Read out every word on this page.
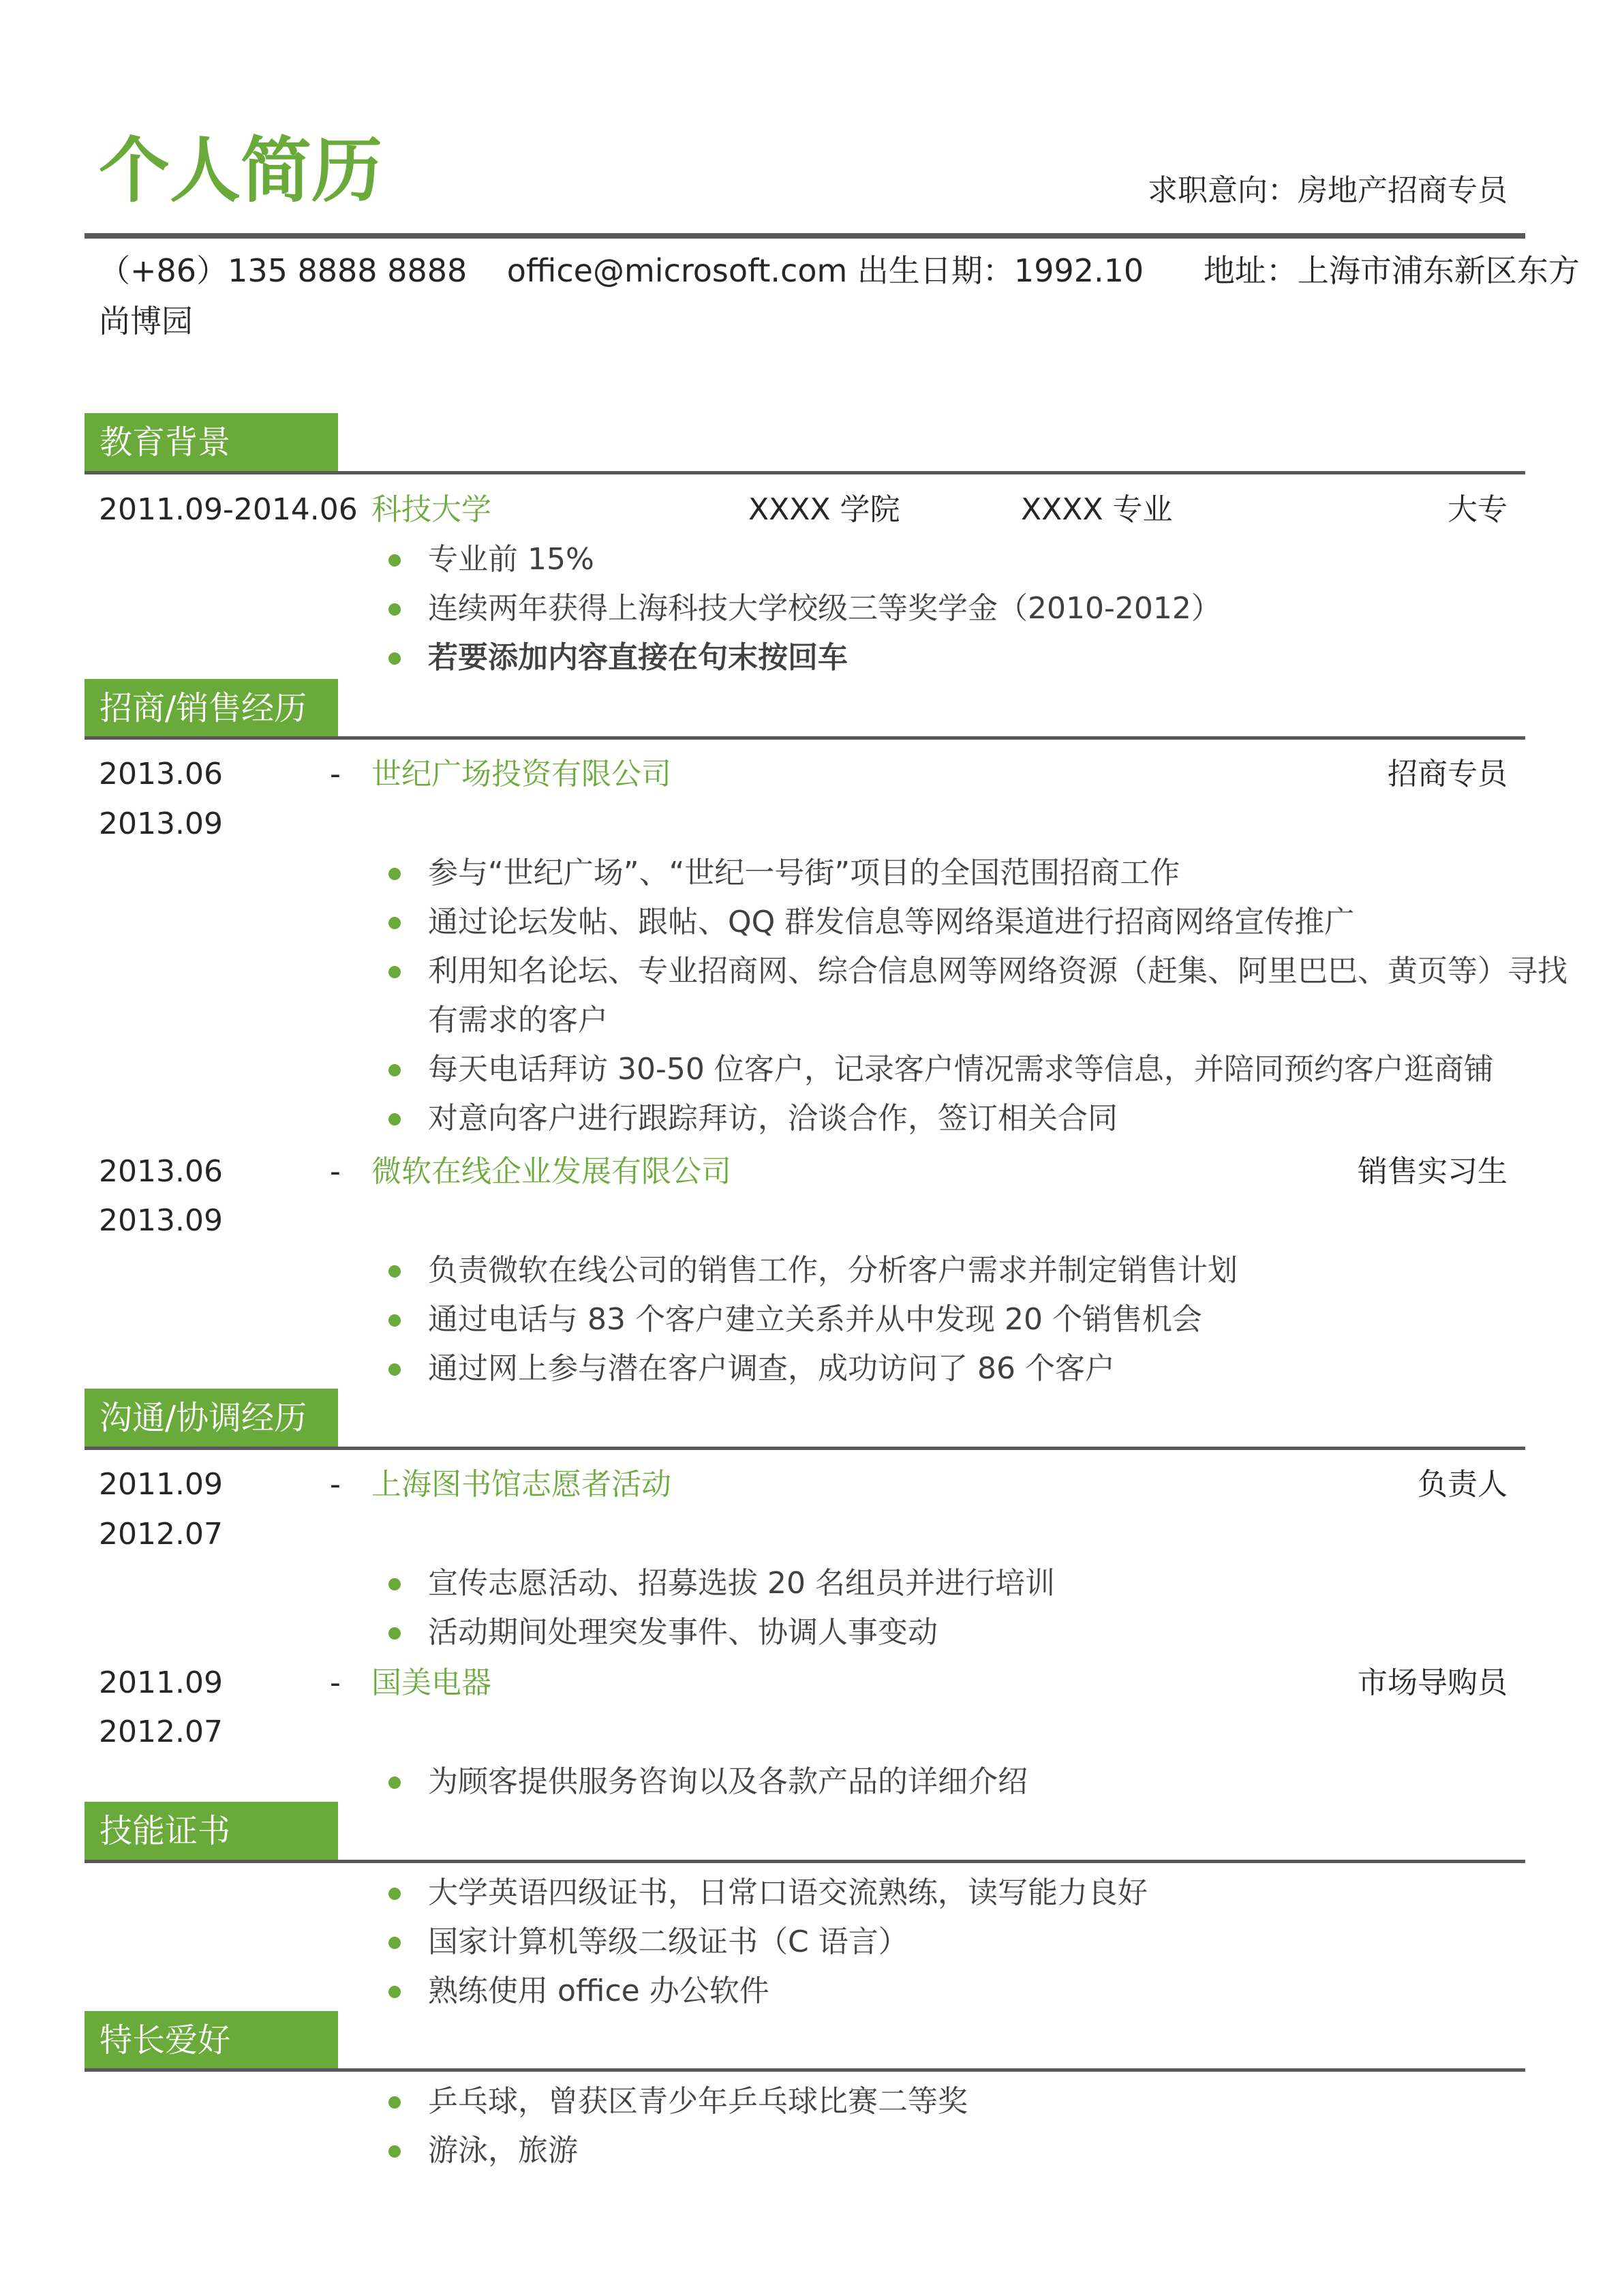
个人简历	求职意向：房地产招商专员
（+86）135 8888 8888 office@microsoft.com 出生日期：1992.10 地址：上海市浦东新区东方
尚博园
教育背景
2011.09-2014.06 科技大学	XXXX 学院	XXXX 专业	大专
专业前 15%
连续两年获得上海科技大学校级三等奖学金（2010-2012）
若要添加内容直接在句末按回车
招商/销售经历
2013.06	- 世纪广场投资有限公司	招商专员
2013.09
参与“世纪广场”、“世纪一号街”项目的全国范围招商工作
通过论坛发帖、跟帖、QQ 群发信息等网络渠道进行招商网络宣传推广
利用知名论坛、专业招商网、综合信息网等网络资源（赶集、阿里巴巴、黄页等）寻找
有需求的客户
每天电话拜访 30-50 位客户，记录客户情况需求等信息，并陪同预约客户逛商铺
对意向客户进行跟踪拜访，洽谈合作，签订相关合同
2013.06	- 微软在线企业发展有限公司	销售实习生
2013.09
负责微软在线公司的销售工作，分析客户需求并制定销售计划
通过电话与 83 个客户建立关系并从中发现 20 个销售机会
通过网上参与潜在客户调查，成功访问了 86 个客户
沟通/协调经历
2011.09	- 上海图书馆志愿者活动	负责人
2012.07
宣传志愿活动、招募选拔 20 名组员并进行培训
活动期间处理突发事件、协调人事变动
2011.09	- 国美电器	市场导购员
2012.07
为顾客提供服务咨询以及各款产品的详细介绍
技能证书
大学英语四级证书，日常口语交流熟练，读写能力良好
国家计算机等级二级证书（C 语言）
熟练使用 office 办公软件
特长爱好
乒乓球，曾获区青少年乒乓球比赛二等奖
游泳，旅游
